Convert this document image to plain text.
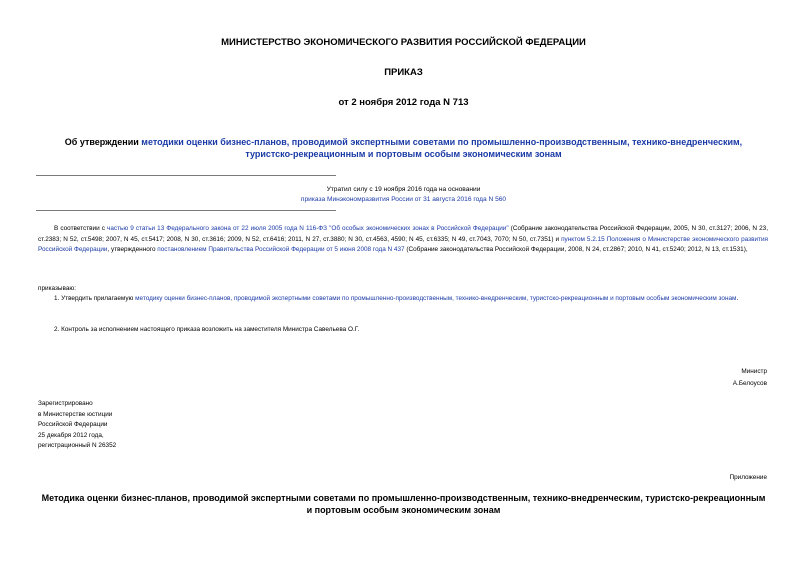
МИНИСТЕРСТВО ЭКОНОМИЧЕСКОГО РАЗВИТИЯ РОССИЙСКОЙ ФЕДЕРАЦИИ
ПРИКАЗ
от 2 ноября 2012 года N 713
Об утверждении методики оценки бизнес-планов, проводимой экспертными советами по промышленно-производственным, технико-внедренческим, туристско-рекреационным и портовым особым экономическим зонам
Утратил силу с 19 ноября 2016 года на основании
приказа Минэкономразвития России от 31 августа 2016 года N 560
В соответствии с частью 9 статьи 13 Федерального закона от 22 июля 2005 года N 116-ФЗ "Об особых экономических зонах в Российской Федерации" (Собрание законодательства Российской Федерации, 2005, N 30, ст.3127; 2006, N 23, ст.2383; N 52, ст.5498; 2007, N 45, ст.5417; 2008, N 30, ст.3616; 2009, N 52, ст.6416; 2011, N 27, ст.3880; N 30, ст.4563, 4590; N 45, ст.6335; N 49, ст.7043, 7070; N 50, ст.7351) и пунктом 5.2.15 Положения о Министерстве экономического развития Российской Федерации, утвержденного постановлением Правительства Российской Федерации от 5 июня 2008 года N 437 (Собрание законодательства Российской Федерации, 2008, N 24, ст.2867; 2010, N 41, ст.5240; 2012, N 13, ст.1531),
приказываю:
1. Утвердить прилагаемую методику оценки бизнес-планов, проводимой экспертными советами по промышленно-производственным, технико-внедренческим, туристско-рекреационным и портовым особым экономическим зонам.
2. Контроль за исполнением настоящего приказа возложить на заместителя Министра Савельева О.Г.
Министр
А.Белоусов
Зарегистрировано
в Министерстве юстиции
Российской Федерации
25 декабря 2012 года,
регистрационный N 26352
Приложение
Методика оценки бизнес-планов, проводимой экспертными советами по промышленно-производственным, технико-внедренческим, туристско-рекреационным и портовым особым экономическим зонам
